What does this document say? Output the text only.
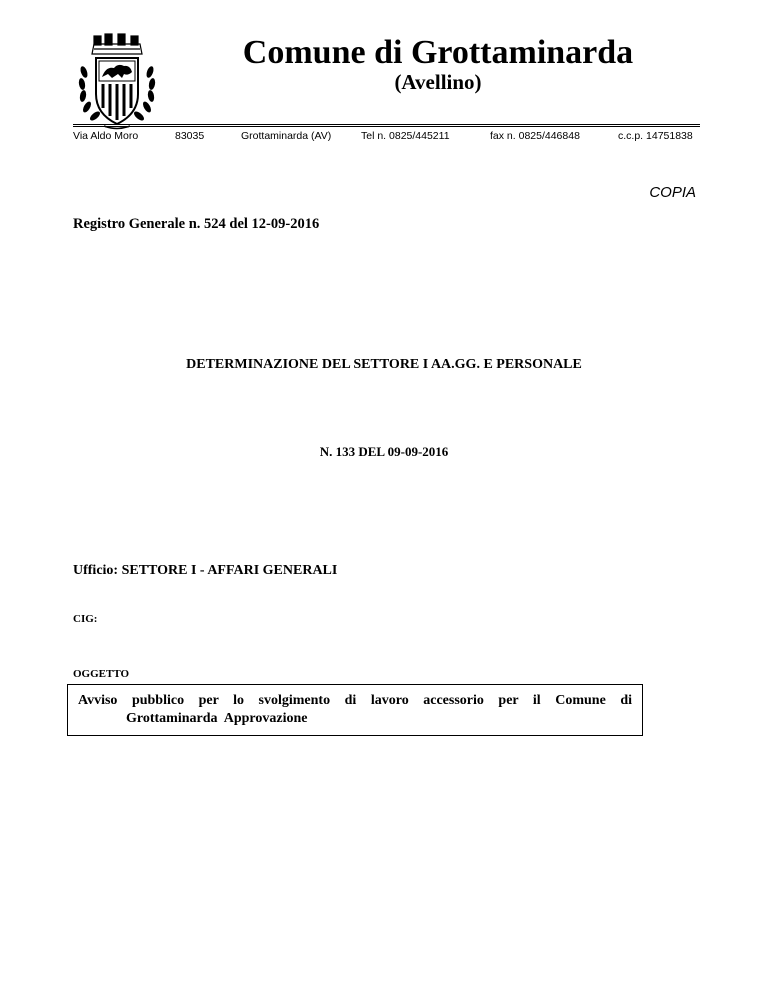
Comune di Grottaminarda
(Avellino)
Via Aldo Moro	83035	Grottaminarda (AV)	Tel n. 0825/445211	fax n. 0825/446848	c.c.p. 14751838
COPIA
Registro Generale n. 524 del 12-09-2016
DETERMINAZIONE DEL SETTORE I AA.GG. E PERSONALE
N. 133 DEL 09-09-2016
Ufficio: SETTORE I - AFFARI GENERALI
CIG:
OGGETTO
Avviso pubblico per lo svolgimento di lavoro accessorio per il Comune di
Grottaminarda  Approvazione
